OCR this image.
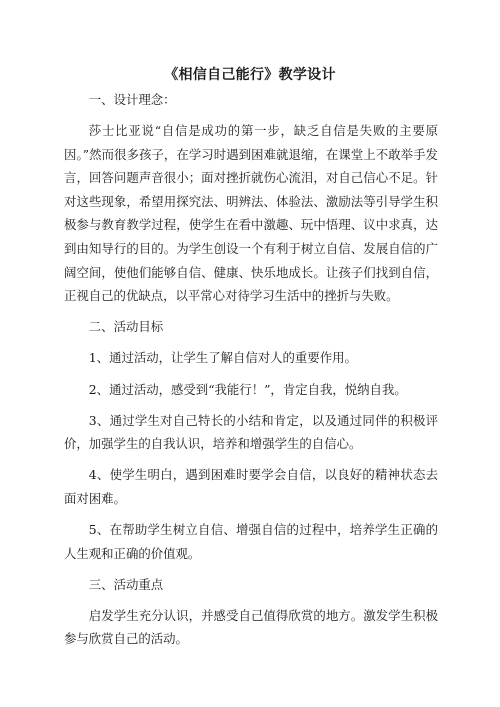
《相信自己能行》教学设计

一、设计理念：

莎士比亚说“自信是成功的第一步，缺乏自信是失败的主要原因。”然而很多孩子，在学习时遇到困难就退缩，在课堂上不敢举手发言，回答问题声音很小；面对挫折就伤心流泪，对自己信心不足。针对这些现象，希望用探究法、明辨法、体验法、激励法等引导学生积极参与教育教学过程，使学生在看中激趣、玩中悟理、议中求真，达到由知导行的目的。为学生创设一个有利于树立自信、发展自信的广阔空间，使他们能够自信、健康、快乐地成长。让孩子们找到自信，正视自己的优缺点，以平常心对待学习生活中的挫折与失败。

二、活动目标

1、通过活动，让学生了解自信对人的重要作用。

2、通过活动，感受到“我能行！”，肯定自我，悦纳自我。

3、通过学生对自己特长的小结和肯定，以及通过同伴的积极评价，加强学生的自我认识，培养和增强学生的自信心。

4、使学生明白，遇到困难时要学会自信，以良好的精神状态去面对困难。

5、在帮助学生树立自信、增强自信的过程中，培养学生正确的人生观和正确的价值观。

三、活动重点

启发学生充分认识，并感受自己值得欣赏的地方。激发学生积极参与欣赏自己的活动。
